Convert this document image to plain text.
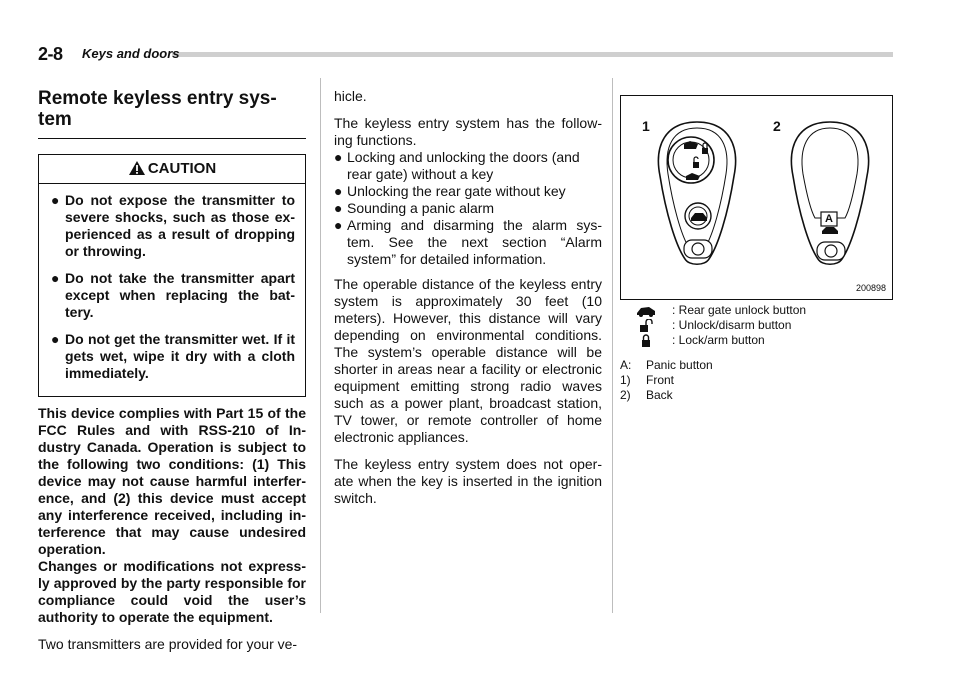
2-8 Keys and doors
Remote keyless entry sys-
tem
CAUTION
● Do not expose the transmitter to severe shocks, such as those ex- perienced as a result of dropping or throwing.
● Do not take the transmitter apart except when replacing the bat- tery.
● Do not get the transmitter wet. If it gets wet, wipe it dry with a cloth immediately.
This device complies with Part 15 of the FCC Rules and with RSS-210 of In- dustry Canada. Operation is subject to the following two conditions: (1) This device may not cause harmful interfer- ence, and (2) this device must accept any interference received, including in- terference that may cause undesired operation.
Changes or modifications not express- ly approved by the party responsible for compliance could void the user’s authority to operate the equipment.
Two transmitters are provided for your ve-
hicle.
The keyless entry system has the follow- ing functions.
● Locking and unlocking the doors (and rear gate) without a key
● Unlocking the rear gate without key
● Sounding a panic alarm
● Arming and disarming the alarm sys- tem. See the next section “Alarm system” for detailed information.
The operable distance of the keyless entry system is approximately 30 feet (10 meters). However, this distance will vary depending on environmental conditions. The system’s operable distance will be shorter in areas near a facility or electronic equipment emitting strong radio waves such as a power plant, broadcast station, TV tower, or remote controller of home electronic appliances.
The keyless entry system does not oper- ate when the key is inserted in the ignition switch.
1	2
A
200898
: Rear gate unlock button
: Unlock/disarm button
: Lock/arm button
A:	Panic button
1)	Front
2)	Back
